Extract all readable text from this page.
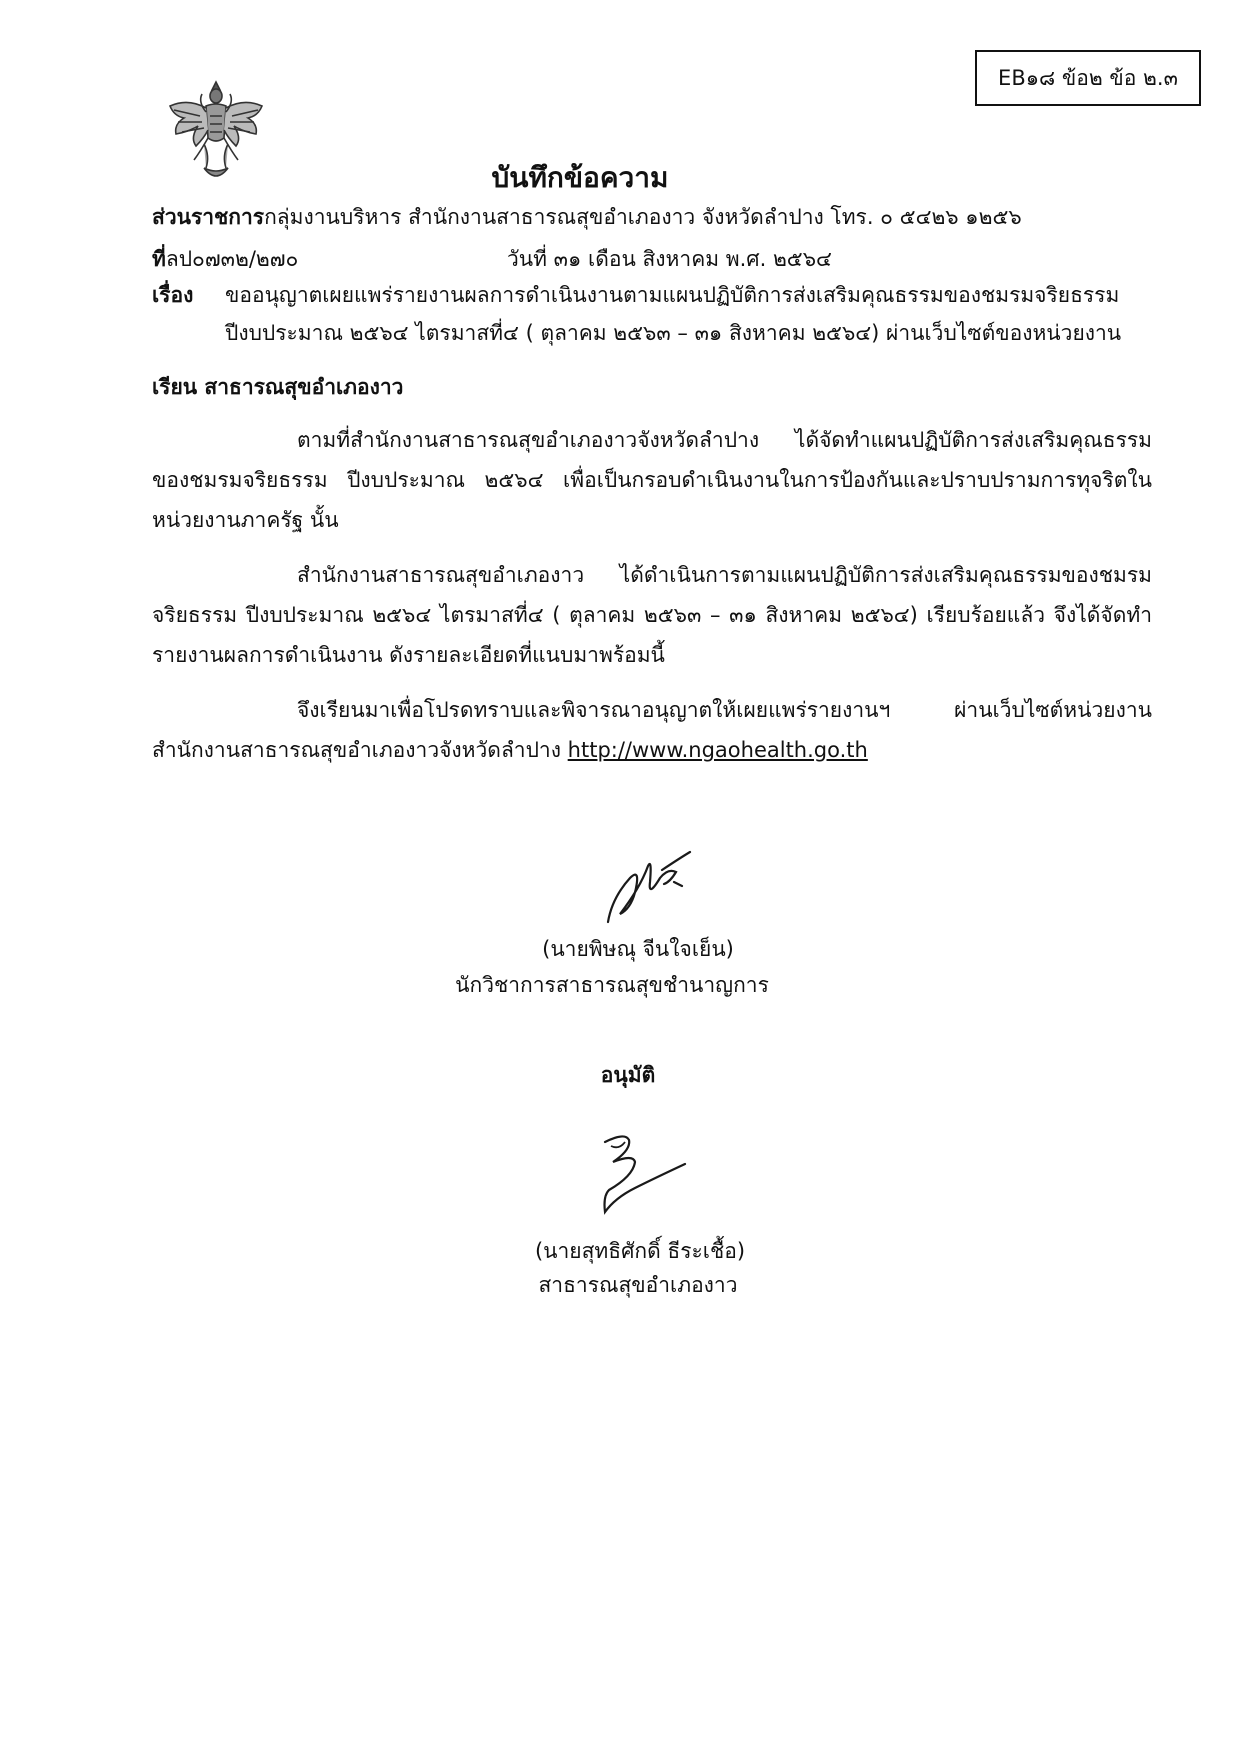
EB๑๘ ข้อ๒ ข้อ ๒.๓
บันทึกข้อความ
ส่วนราชการกลุ่มงานบริหาร สำนักงานสาธารณสุขอำเภองาว จังหวัดลำปาง โทร. ๐ ๕๔๒๖ ๑๒๕๖
ที่ลป๐๗๓๒/๒๗๐	วันที่ ๓๑ เดือน สิงหาคม พ.ศ. ๒๕๖๔
เรื่อง ขออนุญาตเผยแพร่รายงานผลการดำเนินงานตามแผนปฏิบัติการส่งเสริมคุณธรรมของชมรมจริยธรรม
ปีงบประมาณ ๒๕๖๔ ไตรมาสที่๔ ( ตุลาคม ๒๕๖๓ – ๓๑ สิงหาคม ๒๕๖๔) ผ่านเว็บไซต์ของหน่วยงาน
เรียน สาธารณสุขอำเภองาว
ตามที่สำนักงานสาธารณสุขอำเภองาวจังหวัดลำปาง ได้จัดทำแผนปฏิบัติการส่งเสริมคุณธรรมของชมรมจริยธรรม ปีงบประมาณ ๒๕๖๔ เพื่อเป็นกรอบดำเนินงานในการป้องกันและปราบปรามการทุจริตในหน่วยงานภาครัฐ นั้น
สำนักงานสาธารณสุขอำเภองาว ได้ดำเนินการตามแผนปฏิบัติการส่งเสริมคุณธรรมของชมรมจริยธรรม ปีงบประมาณ ๒๕๖๔ ไตรมาสที่๔ ( ตุลาคม ๒๕๖๓ – ๓๑ สิงหาคม ๒๕๖๔) เรียบร้อยแล้ว จึงได้จัดทำรายงานผลการดำเนินงาน ดังรายละเอียดที่แนบมาพร้อมนี้
จึงเรียนมาเพื่อโปรดทราบและพิจารณาอนุญาตให้เผยแพร่รายงานฯ ผ่านเว็บไซต์หน่วยงานสำนักงานสาธารณสุขอำเภองาวจังหวัดลำปาง http://www.ngaohealth.go.th
(นายพิษณุ จีนใจเย็น)
นักวิชาการสาธารณสุขชำนาญการ
อนุมัติ
(นายสุทธิศักดิ์ ธีระเชื้อ)
สาธารณสุขอำเภองาว
